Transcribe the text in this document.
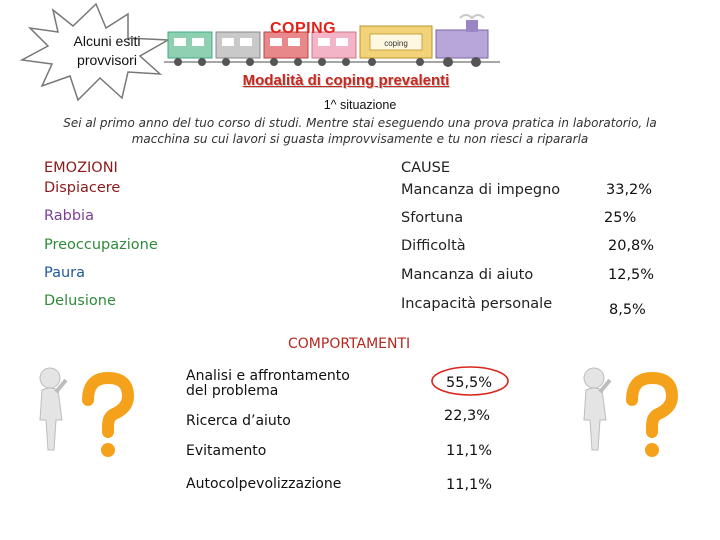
Alcuni esiti
provvisori
coping
COPING
Modalità di coping prevalenti
1^ situazione
Sei al primo anno del tuo corso di studi. Mentre stai eseguendo una prova pratica in laboratorio, la
macchina su cui lavori si guasta improvvisamente e tu non riesci a ripararla
EMOZIONI
Dispiacere
Rabbia
Preoccupazione
Paura
Delusione
CAUSE
Mancanza di impegno
Sfortuna
Difficoltà
Mancanza di aiuto
Incapacità personale
33,2%
25%
20,8%
12,5%
8,5%
COMPORTAMENTI
Analisi e affrontamento
del problema
Ricerca d’aiuto
Evitamento
Autocolpevolizzazione
55,5%
22,3%
11,1%
11,1%
